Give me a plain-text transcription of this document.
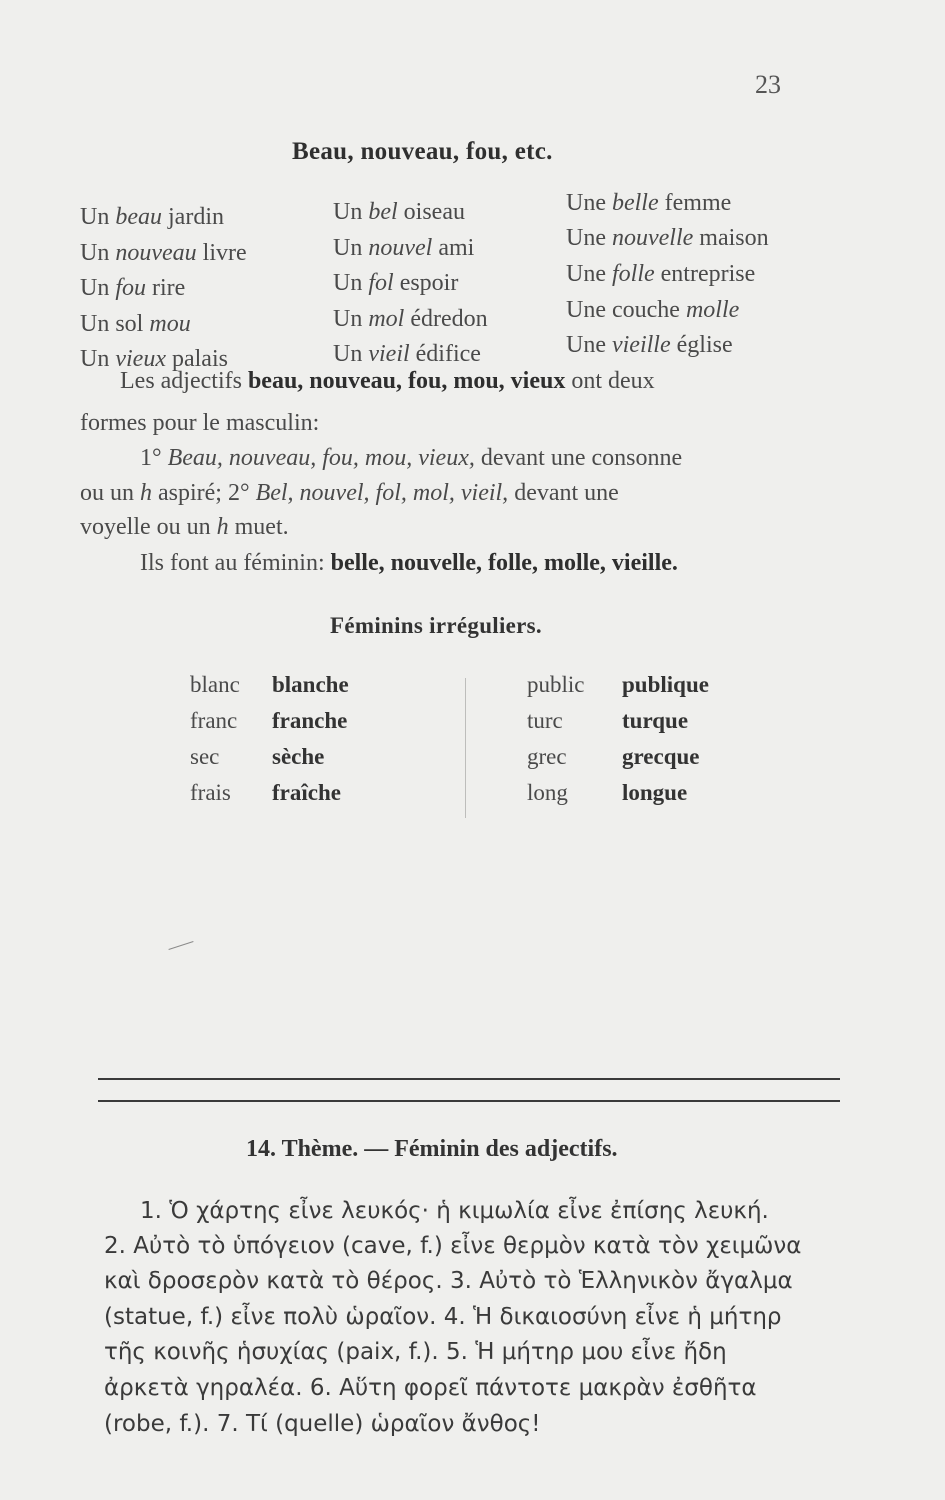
23
Beau, nouveau, fou, etc.
Un beau jardin
Un nouveau livre
Un fou rire
Un sol mou
Un vieux palais
Un bel oiseau
Un nouvel ami
Un fol espoir
Un mol édredon
Un vieil édifice
Une belle femme
Une nouvelle maison
Une folle entreprise
Une couche molle
Une vieille église
Les adjectifs beau, nouveau, fou, mou, vieux ont deux
formes pour le masculin:
1° Beau, nouveau, fou, mou, vieux, devant une consonne
ou un h aspiré; 2° Bel, nouvel, fol, mol, vieil, devant une
voyelle ou un h muet.
Ils font au féminin: belle, nouvelle, folle, molle, vieille.
Féminins irréguliers.
blanc blanche	public publique
franc franche	turc	turque
sec sèche	grec grecque
frais fraîche	long longue
14. Thème. — Féminin des adjectifs.
1. Ὁ χάρτης εἶνε λευκός· ἡ κιμωλία εἶνε ἐπίσης λευκή.
2. Αὐτὸ τὸ ὑπόγειον (cave, f.) εἶνε θερμὸν κατὰ τὸν χειμῶνα
καὶ δροσερὸν κατὰ τὸ θέρος. 3. Αὐτὸ τὸ Ἑλληνικὸν ἄγαλμα
(statue, f.) εἶνε πολὺ ὡραῖον. 4. Ἡ δικαιοσύνη εἶνε ἡ μήτηρ
τῆς κοινῆς ἡσυχίας (paix, f.). 5. Ἡ μήτηρ μου εἶνε ἤδη
ἀρκετὰ γηραλέα. 6. Αὕτη φορεῖ πάντοτε μακρὰν ἐσθῆτα
(robe, f.). 7. Τί (quelle) ὡραῖον ἄνθος!
